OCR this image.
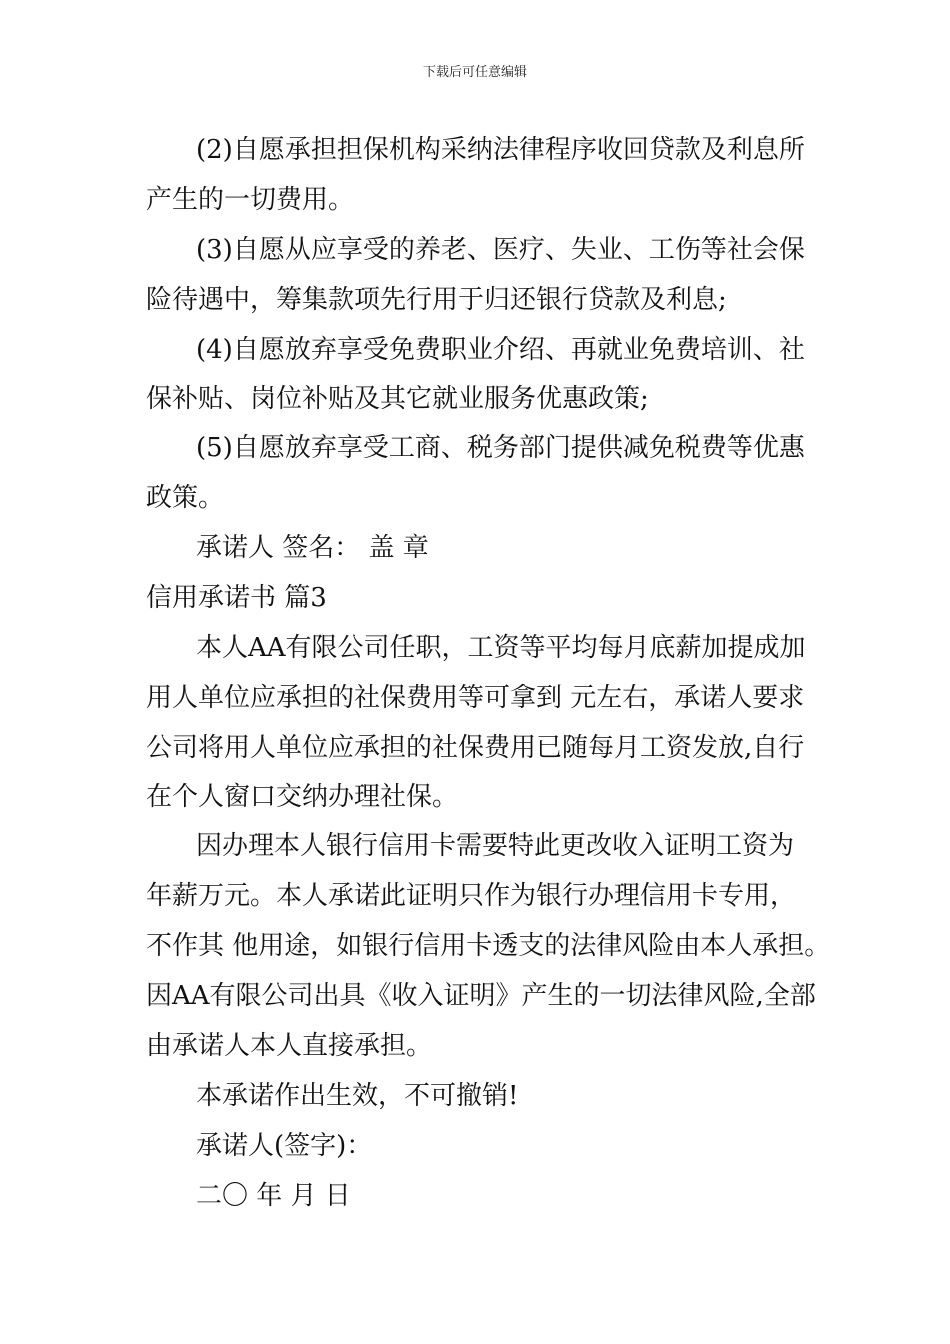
下载后可任意编辑
(2)自愿承担担保机构采纳法律程序收回贷款及利息所
产生的一切费用。
(3)自愿从应享受的养老、医疗、失业、工伤等社会保
险待遇中，筹集款项先行用于归还银行贷款及利息;
(4)自愿放弃享受免费职业介绍、再就业免费培训、社
保补贴、岗位补贴及其它就业服务优惠政策;
(5)自愿放弃享受工商、税务部门提供减免税费等优惠
政策。
承诺人 签名： 盖 章
信用承诺书 篇3
本人AA有限公司任职，工资等平均每月底薪加提成加
用人单位应承担的社保费用等可拿到 元左右，承诺人要求
公司将用人单位应承担的社保费用已随每月工资发放,自行
在个人窗口交纳办理社保。
因办理本人银行信用卡需要特此更改收入证明工资为
年薪万元。本人承诺此证明只作为银行办理信用卡专用，
不作其 他用途，如银行信用卡透支的法律风险由本人承担。
因AA有限公司出具《收入证明》产生的一切法律风险,全部
由承诺人本人直接承担。
本承诺作出生效，不可撤销!
承诺人(签字)：
二〇 年 月 日
